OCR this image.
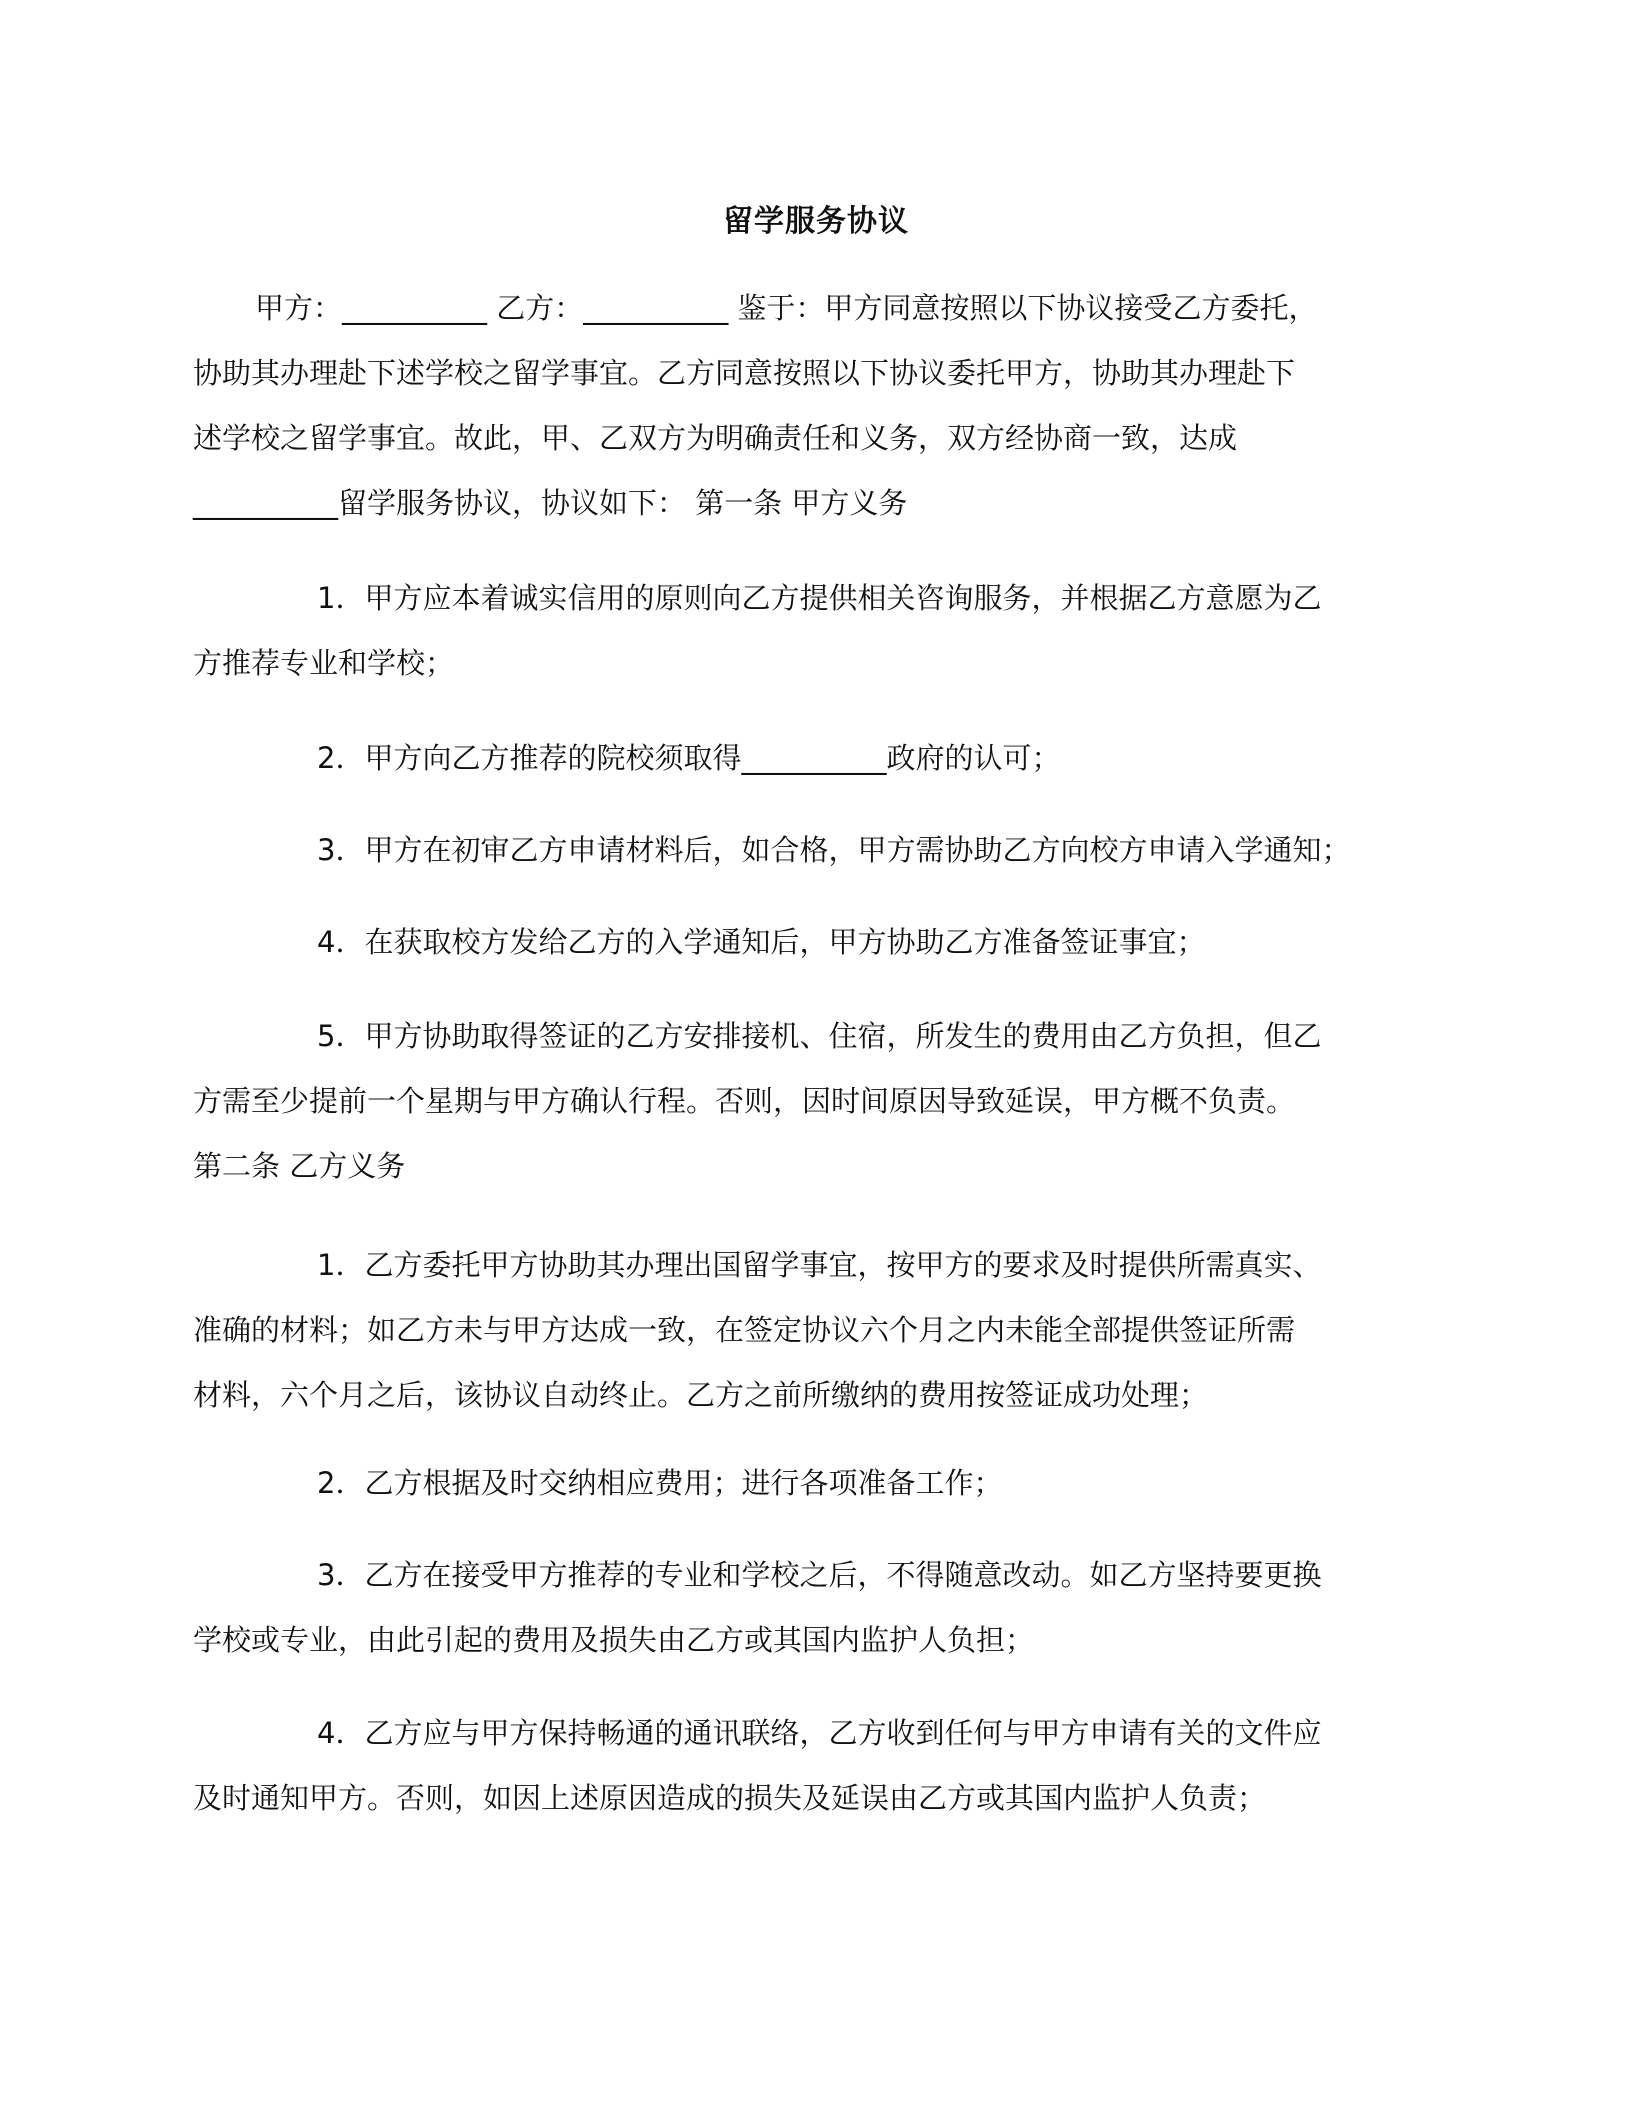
留学服务协议
甲方：__________ 乙方：__________ 鉴于：甲方同意按照以下协议接受乙方委托，
协助其办理赴下述学校之留学事宜。乙方同意按照以下协议委托甲方，协助其办理赴下
述学校之留学事宜。故此，甲、乙双方为明确责任和义务，双方经协商一致，达成
__________留学服务协议，协议如下： 第一条 甲方义务
1．甲方应本着诚实信用的原则向乙方提供相关咨询服务，并根据乙方意愿为乙
方推荐专业和学校；
2．甲方向乙方推荐的院校须取得__________政府的认可；
3．甲方在初审乙方申请材料后，如合格，甲方需协助乙方向校方申请入学通知；
4．在获取校方发给乙方的入学通知后，甲方协助乙方准备签证事宜；
5．甲方协助取得签证的乙方安排接机、住宿，所发生的费用由乙方负担，但乙
方需至少提前一个星期与甲方确认行程。否则，因时间原因导致延误，甲方概不负责。
第二条 乙方义务
1．乙方委托甲方协助其办理出国留学事宜，按甲方的要求及时提供所需真实、
准确的材料；如乙方未与甲方达成一致，在签定协议六个月之内未能全部提供签证所需
材料，六个月之后，该协议自动终止。乙方之前所缴纳的费用按签证成功处理；
2．乙方根据及时交纳相应费用；进行各项准备工作；
3．乙方在接受甲方推荐的专业和学校之后，不得随意改动。如乙方坚持要更换
学校或专业，由此引起的费用及损失由乙方或其国内监护人负担；
4．乙方应与甲方保持畅通的通讯联络，乙方收到任何与甲方申请有关的文件应
及时通知甲方。否则，如因上述原因造成的损失及延误由乙方或其国内监护人负责；
